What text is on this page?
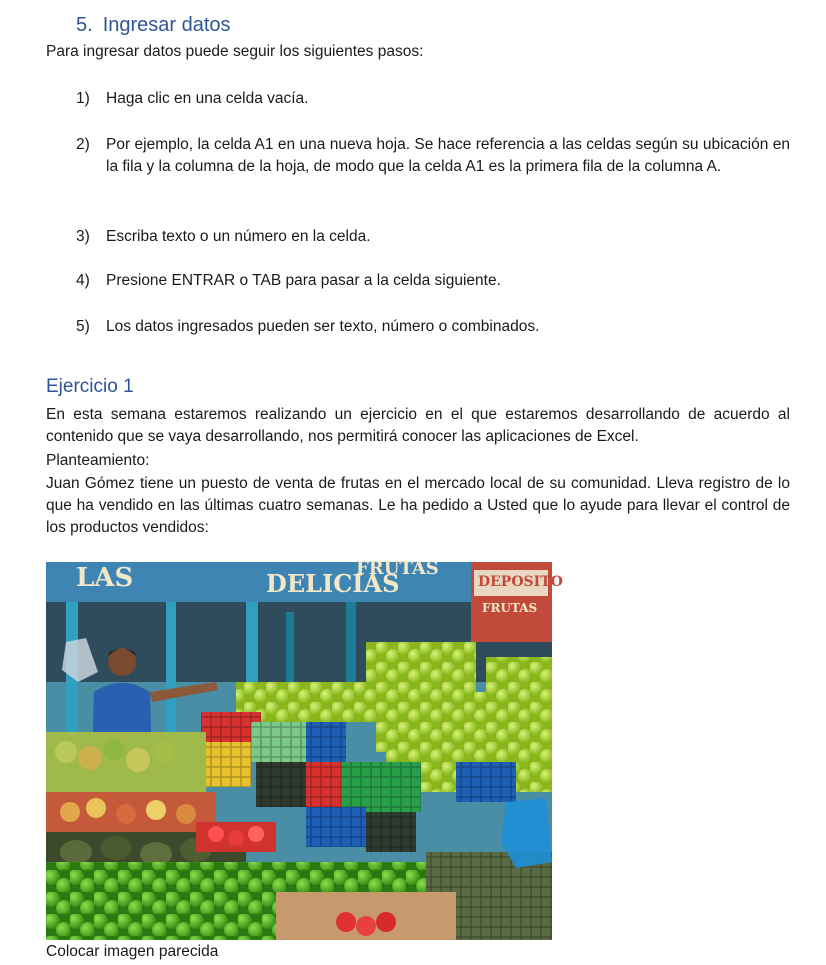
5. Ingresar datos
Para ingresar datos puede seguir los siguientes pasos:
1)	Haga clic en una celda vacía.
2)	Por ejemplo, la celda A1 en una nueva hoja. Se hace referencia a las celdas según su ubicación en la fila y la columna de la hoja, de modo que la celda A1 es la primera fila de la columna A.
3)	Escriba texto o un número en la celda.
4)	Presione ENTRAR o TAB para pasar a la celda siguiente.
5)	Los datos ingresados pueden ser texto, número o combinados.
Ejercicio 1
En esta semana estaremos realizando un ejercicio en el que estaremos desarrollando de acuerdo al contenido que se vaya desarrollando, nos permitirá conocer las aplicaciones de Excel.
Planteamiento:
Juan Gómez tiene un puesto de venta de frutas en el mercado local de su comunidad. Lleva registro de lo que ha vendido en las últimas cuatro semanas. Le ha pedido a Usted que lo ayude para llevar el control de los productos vendidos:
LAS	DELICIAS
FRUTAS
DEPOSITO
FRUTAS
Colocar imagen parecida
